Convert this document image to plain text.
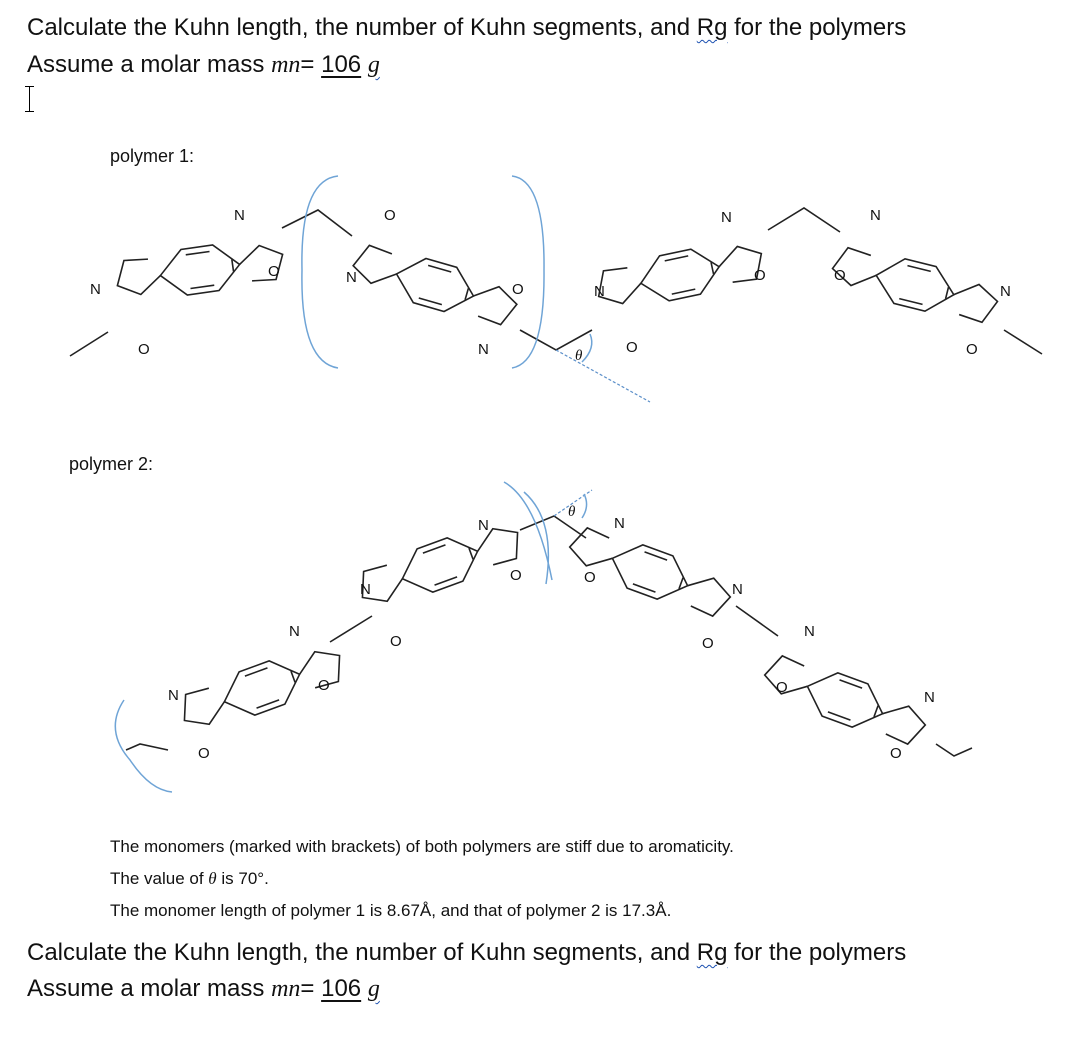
Calculate the Kuhn length, the number of Kuhn segments, and Rg for the polymers
Assume a molar mass mn= 106 g
polymer 1:
polymer 2:
θ
N
O
N
O
O
N
O
N
N
O
N
O
N
O
N
O
θ
N
O
N
O
N
O
N
O
N
O
N
O
N
O
N
O
The monomers (marked with brackets) of both polymers are stiff due to aromaticity.
The value of θ is 70°.
The monomer length of polymer 1 is 8.67Å, and that of polymer 2 is 17.3Å.
Calculate the Kuhn length, the number of Kuhn segments, and Rg for the polymers
Assume a molar mass mn= 106 g
